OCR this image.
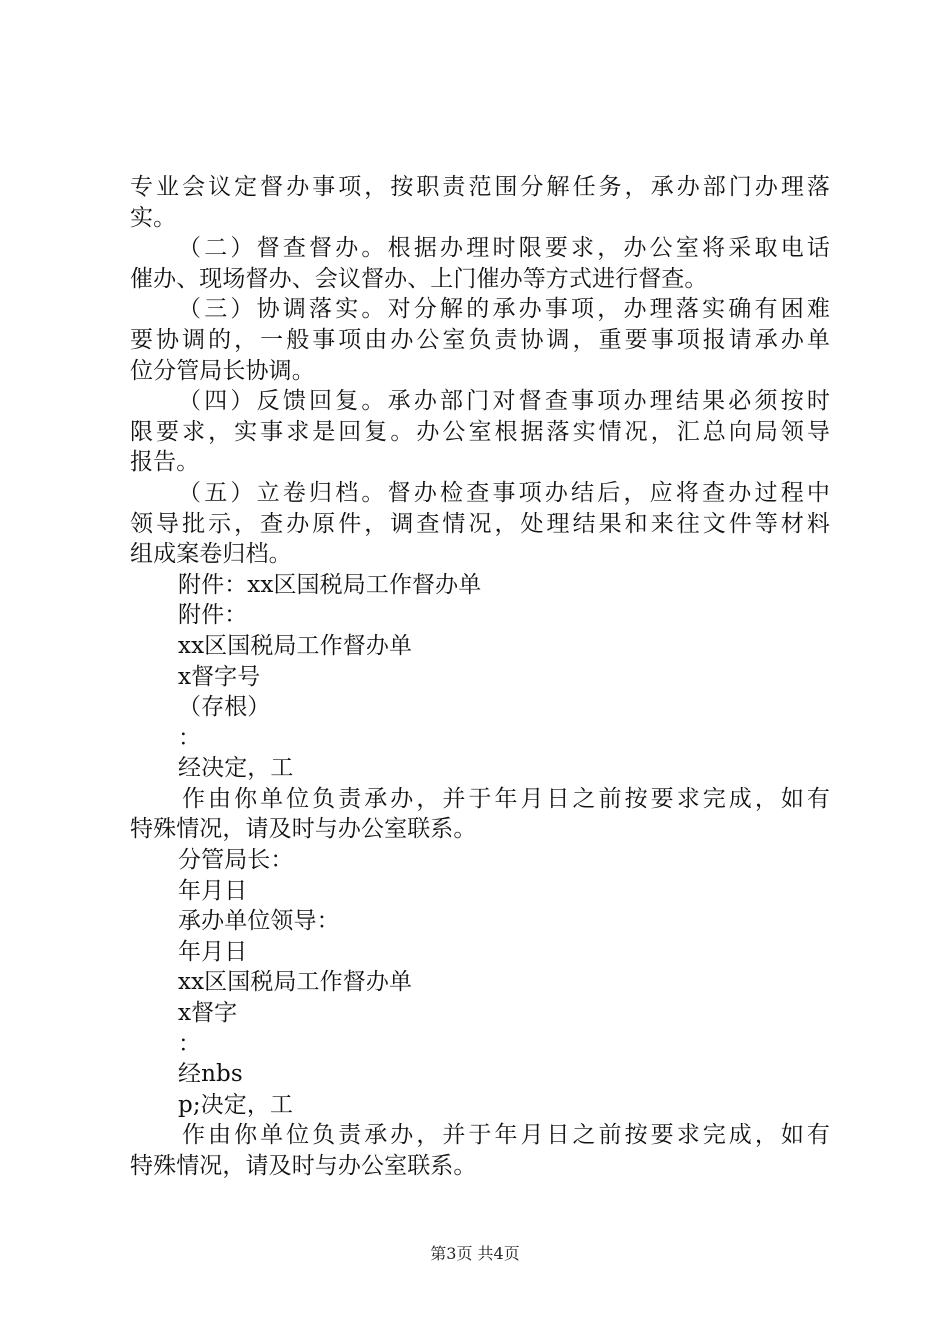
专业会议定督办事项，按职责范围分解任务，承办部门办理落
实。
（二）督查督办。根据办理时限要求，办公室将采取电话
催办、现场督办、会议督办、上门催办等方式进行督查。
（三）协调落实。对分解的承办事项，办理落实确有困难
要协调的，一般事项由办公室负责协调，重要事项报请承办单
位分管局长协调。
（四）反馈回复。承办部门对督查事项办理结果必须按时
限要求，实事求是回复。办公室根据落实情况，汇总向局领导
报告。
（五）立卷归档。督办检查事项办结后，应将查办过程中
领导批示，查办原件，调查情况，处理结果和来往文件等材料
组成案卷归档。
附件：xx区国税局工作督办单
附件：
xx区国税局工作督办单
x督字号
（存根）
：
经决定，工
作由你单位负责承办，并于年月日之前按要求完成，如有
特殊情况，请及时与办公室联系。
分管局长：
年月日
承办单位领导：
年月日
xx区国税局工作督办单
x督字
：
经nbs
p;决定，工
作由你单位负责承办，并于年月日之前按要求完成，如有
特殊情况，请及时与办公室联系。
第3页 共4页
